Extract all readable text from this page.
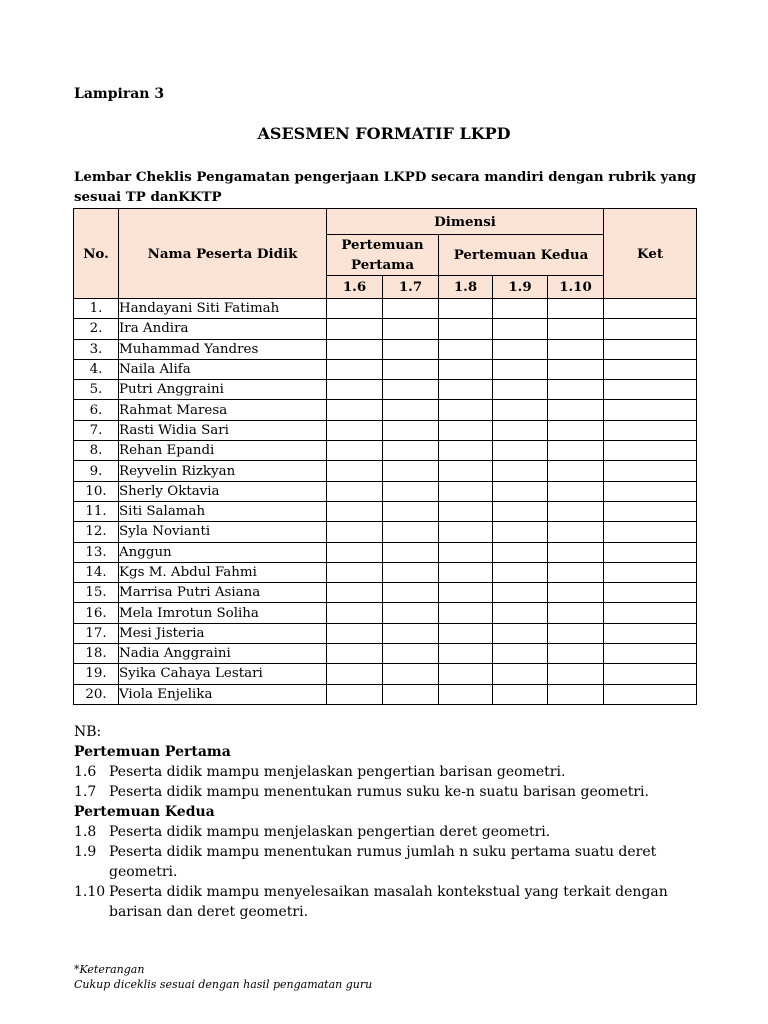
Lampiran 3
ASESMEN FORMATIF LKPD
Lembar Cheklis Pengamatan pengerjaan LKPD secara mandiri dengan rubrik yang sesuai TP danKKTP
No.	Nama Peserta Didik	Dimensi					Ket
		Pertemuan Pertama		Pertemuan Kedua			
		1.6	1.7	1.8	1.9	1.10	
1.	Handayani Siti Fatimah						
2.	Ira Andira						
3.	Muhammad Yandres						
4.	Naila Alifa						
5.	Putri Anggraini						
6.	Rahmat Maresa						
7.	Rasti Widia Sari						
8.	Rehan Epandi						
9.	Reyvelin Rizkyan						
10.	Sherly Oktavia						
11.	Siti Salamah						
12.	Syla Novianti						
13.	Anggun						
14.	Kgs M. Abdul Fahmi						
15.	Marrisa Putri Asiana						
16.	Mela Imrotun Soliha						
17.	Mesi Jisteria						
18.	Nadia Anggraini						
19.	Syika Cahaya Lestari						
20.	Viola Enjelika						
NB:
Pertemuan Pertama
1.6 Peserta didik mampu menjelaskan pengertian barisan geometri.
1.7 Peserta didik mampu menentukan rumus suku ke-n suatu barisan geometri.
Pertemuan Kedua
1.8 Peserta didik mampu menjelaskan pengertian deret geometri.
1.9 Peserta didik mampu menentukan rumus jumlah n suku pertama suatu deret geometri.
1.10 Peserta didik mampu menyelesaikan masalah kontekstual yang terkait dengan barisan dan deret geometri.
*Keterangan
Cukup diceklis sesuai dengan hasil pengamatan guru
